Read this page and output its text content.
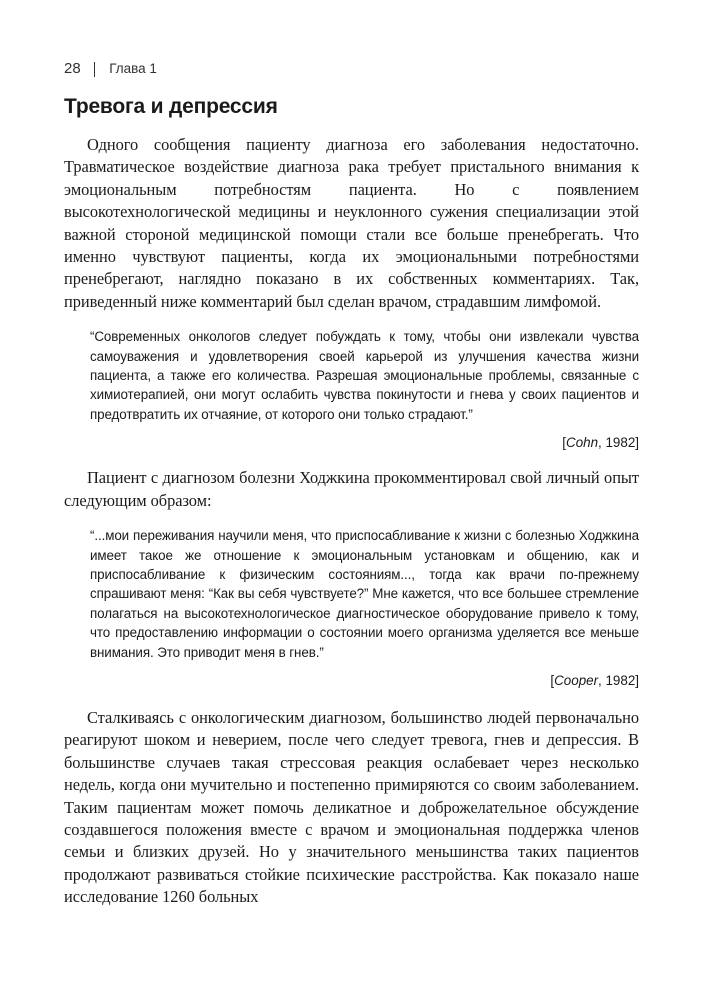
28 Глава 1
Тревога и депрессия

Одного сообщения пациенту диагноза его заболевания недостаточно. Травматическое воздействие диагноза рака требует пристального внимания к эмоциональным потребностям пациента. Но с появлением высокотехнологической медицины и неуклонного сужения специализации этой важной стороной медицинской помощи стали все больше пренебрегать. Что именно чувствуют пациенты, когда их эмоциональными потребностями пренебрегают, наглядно показано в их собственных комментариях. Так, приведенный ниже комментарий был сделан врачом, страдавшим лимфомой.

“Современных онкологов следует побуждать к тому, чтобы они извлекали чувства самоуважения и удовлетворения своей карьерой из улучшения качества жизни пациента, а также его количества. Разрешая эмоциональные проблемы, связанные с химиотерапией, они могут ослабить чувства покинутости и гнева у своих пациентов и предотвратить их отчаяние, от которого они только страдают.”

[Cohn, 1982]

Пациент с диагнозом болезни Ходжкина прокомментировал свой личный опыт следующим образом:

“...мои переживания научили меня, что приспосабливание к жизни с болезнью Ходжкина имеет такое же отношение к эмоциональным установкам и общению, как и приспосабливание к физическим состояниям..., тогда как врачи по-прежнему спрашивают меня: “Как вы себя чувствуете?” Мне кажется, что все большее стремление полагаться на высокотехнологическое диагностическое оборудование привело к тому, что предоставлению информации о состоянии моего организма уделяется все меньше внимания. Это приводит меня в гнев.”

[Cooper, 1982]

Сталкиваясь с онкологическим диагнозом, большинство людей первоначально реагируют шоком и неверием, после чего следует тревога, гнев и депрессия. В большинстве случаев такая стрессовая реакция ослабевает через несколько недель, когда они мучительно и постепенно примиряются со своим заболеванием. Таким пациентам может помочь деликатное и доброжелательное обсуждение создавшегося положения вместе с врачом и эмоциональная поддержка членов семьи и близких друзей. Но у значительного меньшинства таких пациентов продолжают развиваться стойкие психические расстройства. Как показало наше исследование 1260 больных
